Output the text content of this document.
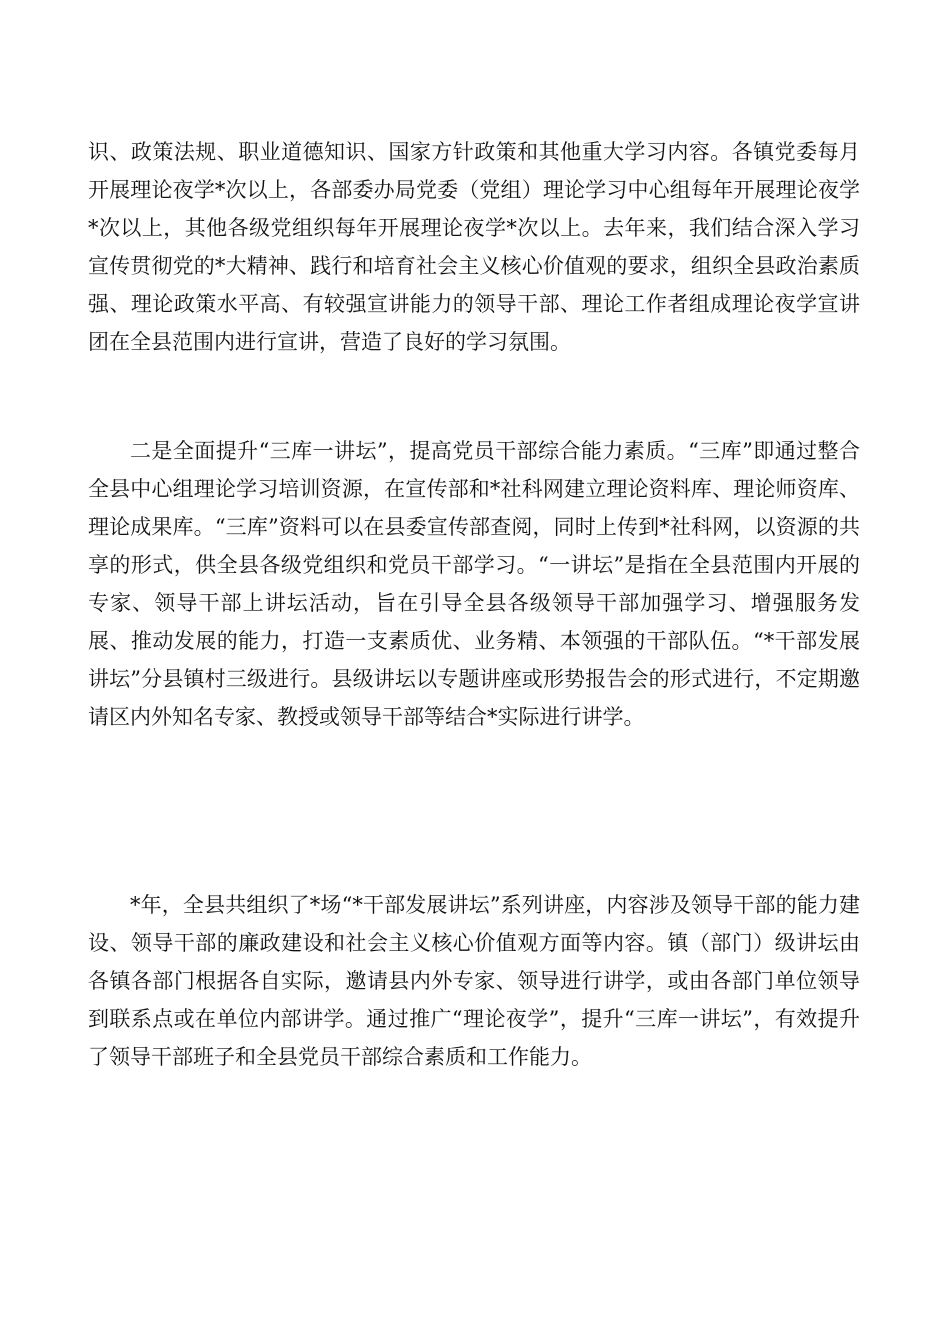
识、政策法规、职业道德知识、国家方针政策和其他重大学习内容。各镇党委每月开展理论夜学*次以上，各部委办局党委（党组）理论学习中心组每年开展理论夜学*次以上，其他各级党组织每年开展理论夜学*次以上。去年来，我们结合深入学习宣传贯彻党的*大精神、践行和培育社会主义核心价值观的要求，组织全县政治素质强、理论政策水平高、有较强宣讲能力的领导干部、理论工作者组成理论夜学宣讲团在全县范围内进行宣讲，营造了良好的学习氛围。

二是全面提升“三库一讲坛”，提高党员干部综合能力素质。“三库”即通过整合全县中心组理论学习培训资源，在宣传部和*社科网建立理论资料库、理论师资库、理论成果库。“三库”资料可以在县委宣传部查阅，同时上传到*社科网，以资源的共享的形式，供全县各级党组织和党员干部学习。“一讲坛”是指在全县范围内开展的专家、领导干部上讲坛活动，旨在引导全县各级领导干部加强学习、增强服务发展、推动发展的能力，打造一支素质优、业务精、本领强的干部队伍。“*干部发展讲坛”分县镇村三级进行。县级讲坛以专题讲座或形势报告会的形式进行，不定期邀请区内外知名专家、教授或领导干部等结合*实际进行讲学。

*年，全县共组织了*场“*干部发展讲坛”系列讲座，内容涉及领导干部的能力建设、领导干部的廉政建设和社会主义核心价值观方面等内容。镇（部门）级讲坛由各镇各部门根据各自实际，邀请县内外专家、领导进行讲学，或由各部门单位领导到联系点或在单位内部讲学。通过推广“理论夜学”，提升“三库一讲坛”，有效提升了领导干部班子和全县党员干部综合素质和工作能力。
